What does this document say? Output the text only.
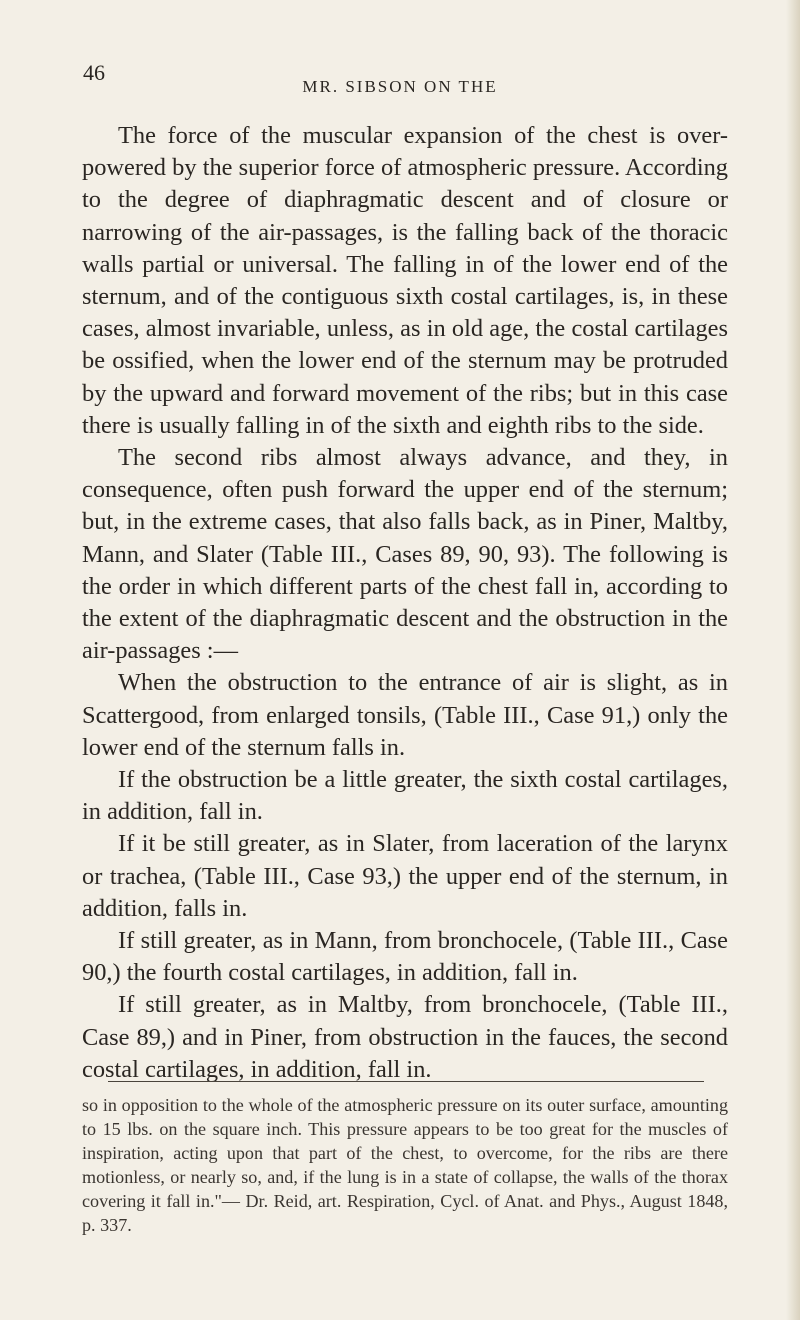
46
MR. SIBSON ON THE

The force of the muscular expansion of the chest is over-powered by the superior force of atmospheric pressure. According to the degree of diaphragmatic descent and of closure or narrowing of the air-passages, is the falling back of the thoracic walls partial or universal. The falling in of the lower end of the sternum, and of the contiguous sixth costal cartilages, is, in these cases, almost invariable, unless, as in old age, the costal cartilages be ossified, when the lower end of the sternum may be protruded by the upward and forward movement of the ribs; but in this case there is usually falling in of the sixth and eighth ribs to the side.

The second ribs almost always advance, and they, in consequence, often push forward the upper end of the sternum; but, in the extreme cases, that also falls back, as in Piner, Maltby, Mann, and Slater (Table III., Cases 89, 90, 93). The following is the order in which different parts of the chest fall in, according to the extent of the diaphragmatic descent and the obstruction in the air-passages :—

When the obstruction to the entrance of air is slight, as in Scattergood, from enlarged tonsils, (Table III., Case 91,) only the lower end of the sternum falls in.

If the obstruction be a little greater, the sixth costal cartilages, in addition, fall in.

If it be still greater, as in Slater, from laceration of the larynx or trachea, (Table III., Case 93,) the upper end of the sternum, in addition, falls in.

If still greater, as in Mann, from bronchocele, (Table III., Case 90,) the fourth costal cartilages, in addition, fall in.

If still greater, as in Maltby, from bronchocele, (Table III., Case 89,) and in Piner, from obstruction in the fauces, the second costal cartilages, in addition, fall in.

so in opposition to the whole of the atmospheric pressure on its outer surface, amounting to 15 lbs. on the square inch. This pressure appears to be too great for the muscles of inspiration, acting upon that part of the chest, to overcome, for the ribs are there motionless, or nearly so, and, if the lung is in a state of collapse, the walls of the thorax covering it fall in."— Dr. Reid, art. Respiration, Cycl. of Anat. and Phys., August 1848, p. 337.
